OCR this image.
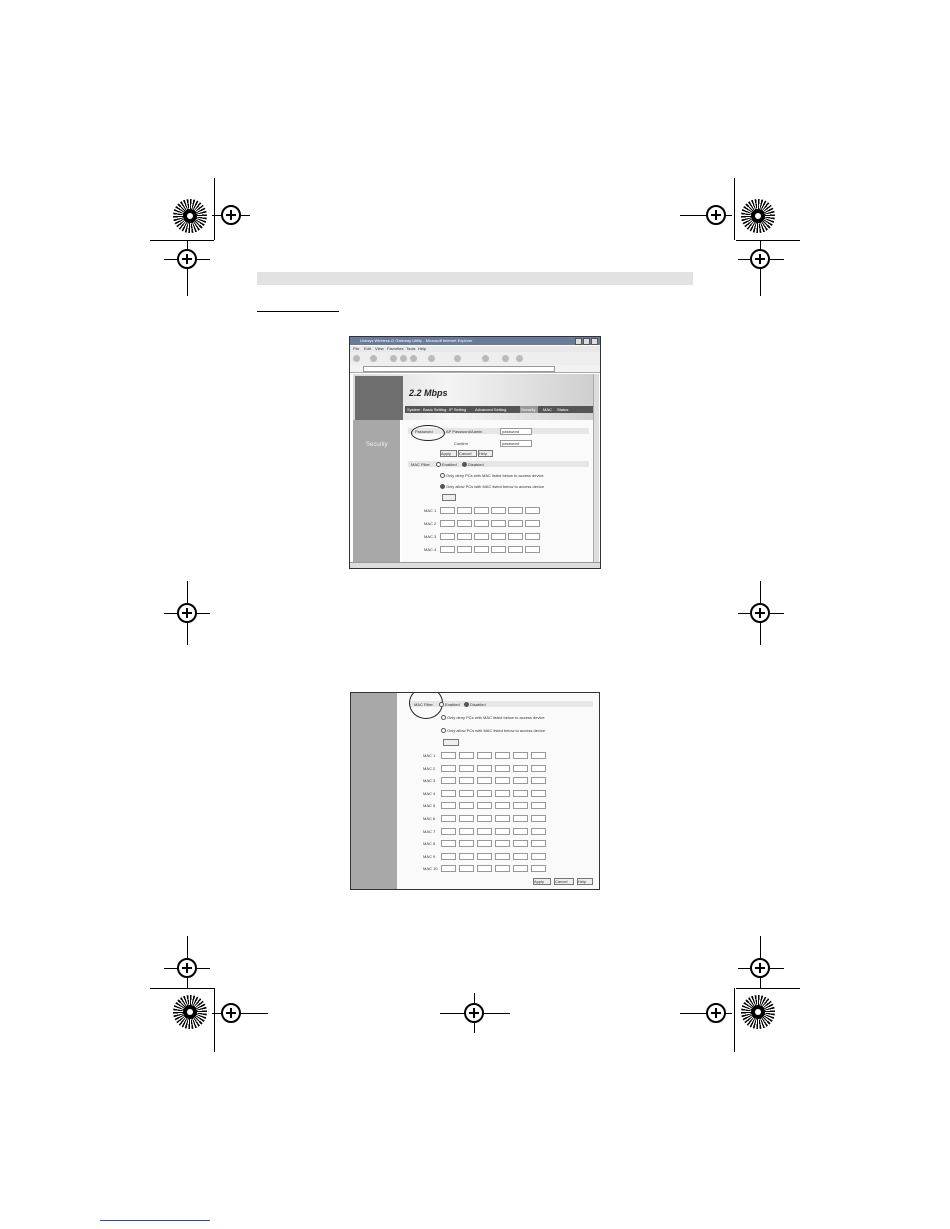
Linksys Wireless-G Gateway Utility - Microsoft Internet Explorer
File Edit View Favorites Tools Help
2.2 Mbps
System Basic Setting IP Setting Advanced Setting	Security MAC Status
Security
Password	AP Password/Admin	password
Confirm	password
Apply	Cancel	Help
MAC Filter	Enabled	Disabled
Only deny PCs with MAC listed below to access device
Only allow PCs with MAC listed below to access device
MAC 1
MAC 2
MAC 3
MAC 4
MAC Filter	Enabled	Disabled
Only deny PCs with MAC listed below to access device
Only allow PCs with MAC listed below to access device
MAC 1
MAC 2
MAC 3
MAC 4
MAC 5
MAC 6
MAC 7
MAC 8
MAC 9
MAC 10
Apply	Cancel	Help
